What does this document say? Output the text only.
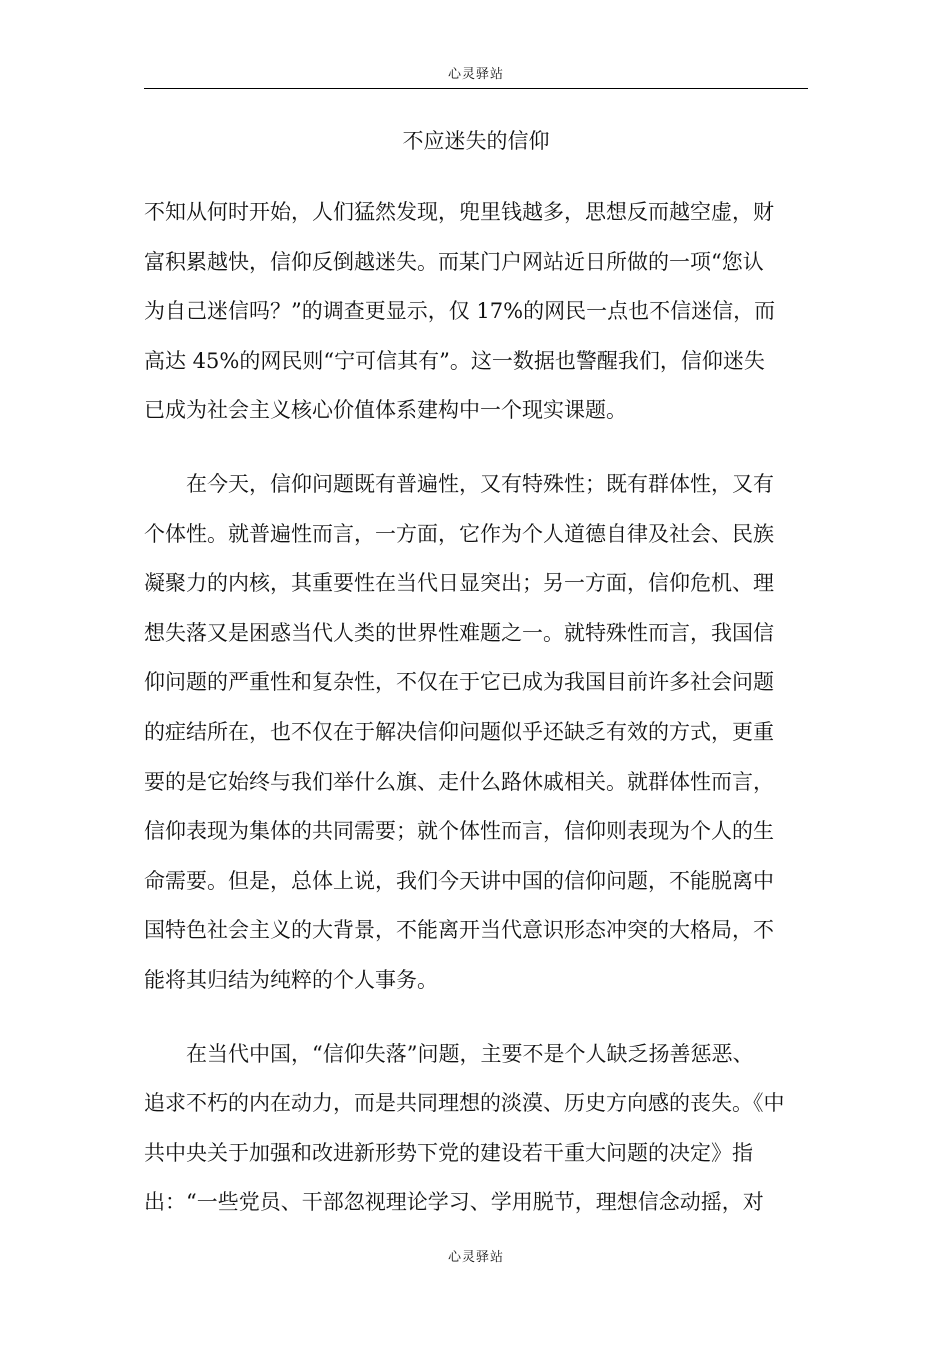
心灵驿站
不应迷失的信仰

不知从何时开始，人们猛然发现，兜里钱越多，思想反而越空虚，财
富积累越快，信仰反倒越迷失。而某门户网站近日所做的一项“您认
为自己迷信吗？”的调查更显示，仅 17%的网民一点也不信迷信，而
高达 45%的网民则“宁可信其有”。这一数据也警醒我们，信仰迷失
已成为社会主义核心价值体系建构中一个现实课题。

在今天，信仰问题既有普遍性，又有特殊性；既有群体性，又有
个体性。就普遍性而言，一方面，它作为个人道德自律及社会、民族
凝聚力的内核，其重要性在当代日显突出；另一方面，信仰危机、理
想失落又是困惑当代人类的世界性难题之一。就特殊性而言，我国信
仰问题的严重性和复杂性，不仅在于它已成为我国目前许多社会问题
的症结所在，也不仅在于解决信仰问题似乎还缺乏有效的方式，更重
要的是它始终与我们举什么旗、走什么路休戚相关。就群体性而言，
信仰表现为集体的共同需要；就个体性而言，信仰则表现为个人的生
命需要。但是，总体上说，我们今天讲中国的信仰问题，不能脱离中
国特色社会主义的大背景，不能离开当代意识形态冲突的大格局，不
能将其归结为纯粹的个人事务。

在当代中国，“信仰失落”问题，主要不是个人缺乏扬善惩恶、
追求不朽的内在动力，而是共同理想的淡漠、历史方向感的丧失。《中
共中央关于加强和改进新形势下党的建设若干重大问题的决定》指
出：“一些党员、干部忽视理论学习、学用脱节，理想信念动摇，对

心灵驿站
